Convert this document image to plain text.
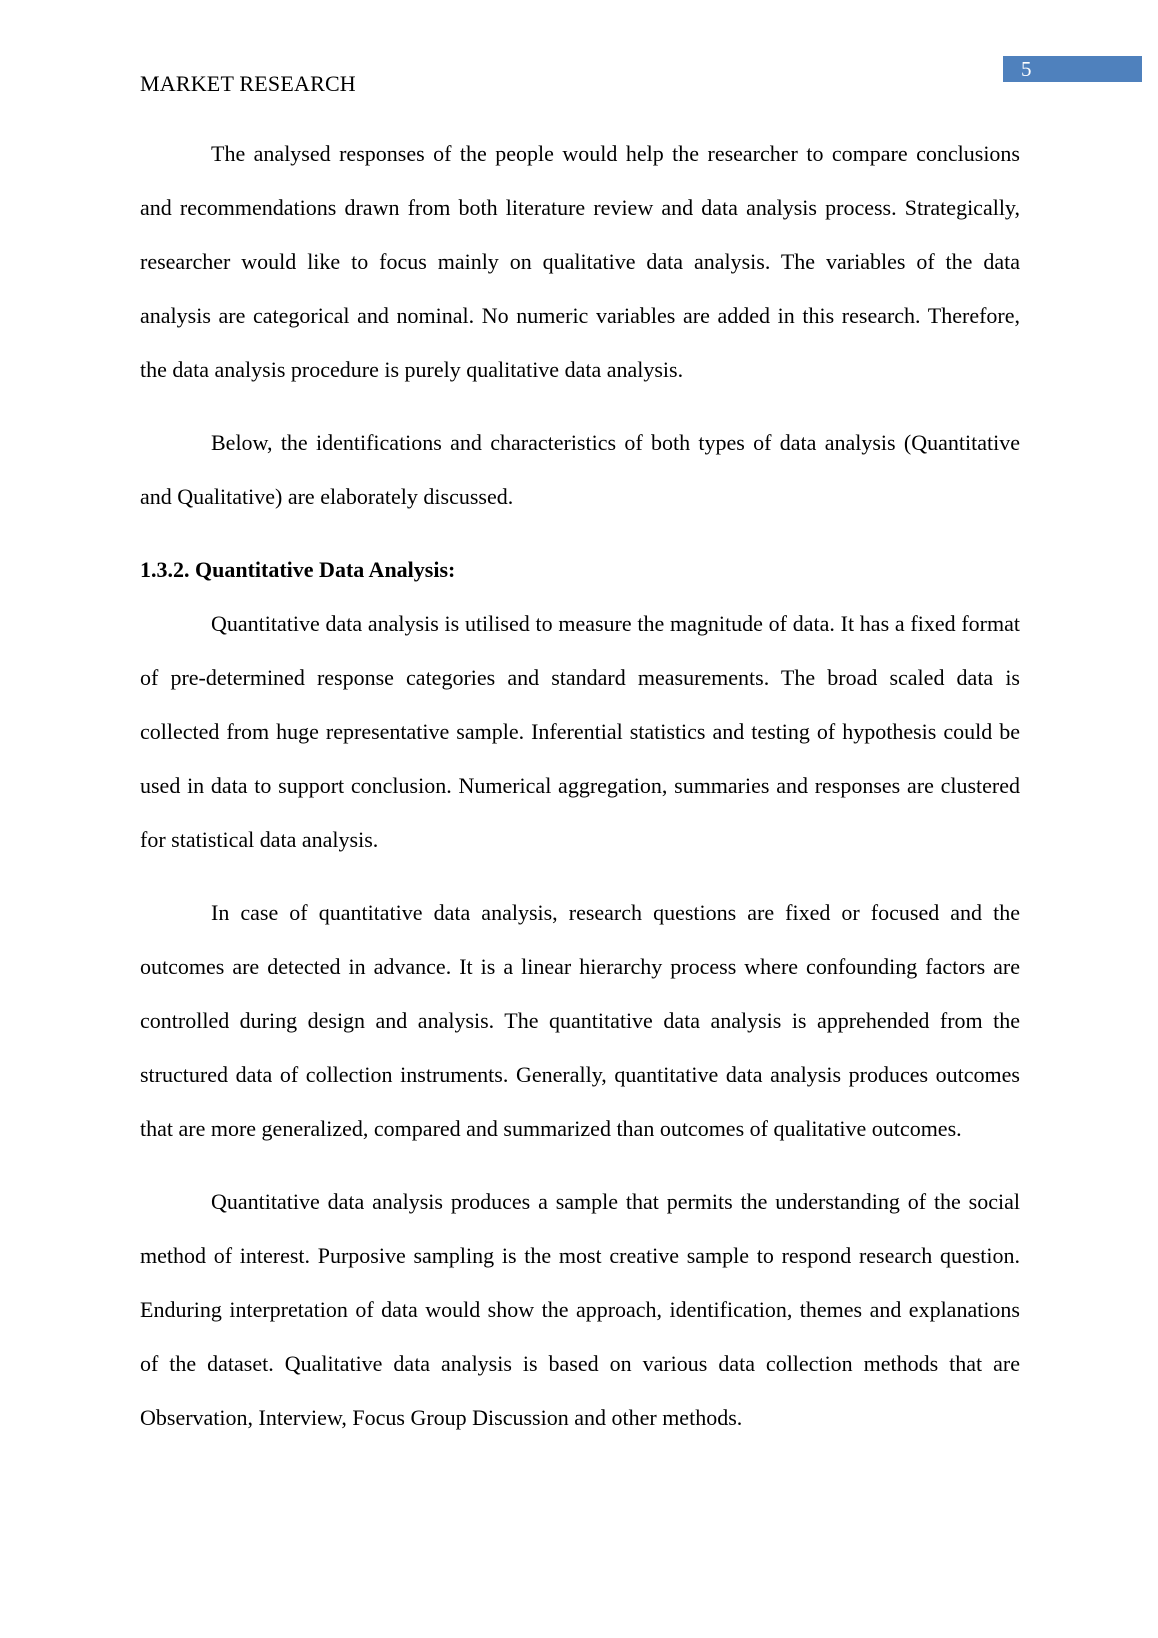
5
MARKET RESEARCH

The analysed responses of the people would help the researcher to compare conclusions and recommendations drawn from both literature review and data analysis process. Strategically, researcher would like to focus mainly on qualitative data analysis. The variables of the data analysis are categorical and nominal. No numeric variables are added in this research. Therefore, the data analysis procedure is purely qualitative data analysis.

Below, the identifications and characteristics of both types of data analysis (Quantitative and Qualitative) are elaborately discussed.

1.3.2. Quantitative Data Analysis:

Quantitative data analysis is utilised to measure the magnitude of data. It has a fixed format of pre-determined response categories and standard measurements. The broad scaled data is collected from huge representative sample. Inferential statistics and testing of hypothesis could be used in data to support conclusion. Numerical aggregation, summaries and responses are clustered for statistical data analysis.

In case of quantitative data analysis, research questions are fixed or focused and the outcomes are detected in advance. It is a linear hierarchy process where confounding factors are controlled during design and analysis. The quantitative data analysis is apprehended from the structured data of collection instruments. Generally, quantitative data analysis produces outcomes that are more generalized, compared and summarized than outcomes of qualitative outcomes.

Quantitative data analysis produces a sample that permits the understanding of the social method of interest. Purposive sampling is the most creative sample to respond research question. Enduring interpretation of data would show the approach, identification, themes and explanations of the dataset. Qualitative data analysis is based on various data collection methods that are Observation, Interview, Focus Group Discussion and other methods.
